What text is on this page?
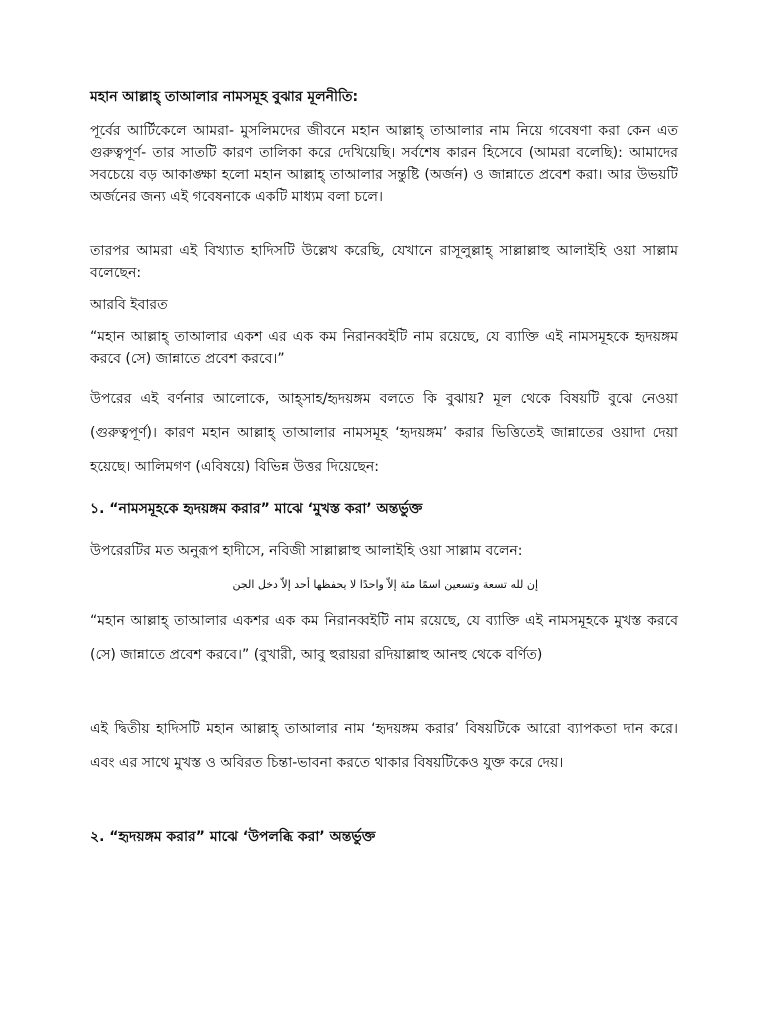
মহান আল্লাহ্‌ তাআলার নামসমূহ বুঝার মূলনীতি:

পূর্বের আর্টিকেলে আমরা- মুসলিমদের জীবনে মহান আল্লাহ্‌ তাআলার নাম নিয়ে গবেষণা করা কেন এত গুরুত্বপূর্ণ- তার সাতটি কারণ তালিকা করে দেখিয়েছি। সর্বশেষ কারন হিসেবে (আমরা বলেছি): আমাদের সবচেয়ে বড় আকাঙ্ক্ষা হলো মহান আল্লাহ্‌ তাআলার সন্তুষ্টি (অর্জন) ও জান্নাতে প্রবেশ করা। আর উভয়টি অর্জনের জন্য এই গবেষনাকে একটি মাধ্যম বলা চলে।

তারপর আমরা এই বিখ্যাত হাদিসটি উল্লেখ করেছি, যেখানে রাসূলুল্লাহ্‌ সাল্লাল্লাহু আলাইহি ওয়া সাল্লাম বলেছেন:

আরবি ইবারত

“মহান আল্লাহ্‌ তাআলার একশ এর এক কম নিরানব্বইটি নাম রয়েছে, যে ব্যাক্তি এই নামসমূহকে হৃদয়ঙ্গম করবে (সে) জান্নাতে প্রবেশ করবে।”

উপরের এই বর্ণনার আলোকে, আহ্‌সাহ/হৃদয়ঙ্গম বলতে কি বুঝায়? মূল থেকে বিষয়টি বুঝে নেওয়া (গুরুত্বপূর্ণ)। কারণ মহান আল্লাহ্‌ তাআলার নামসমূহ ‘হৃদয়ঙ্গম’ করার ভিত্তিতেই জান্নাতের ওয়াদা দেয়া হয়েছে। আলিমগণ (এবিষয়ে) বিভিন্ন উত্তর দিয়েছেন:

১. “নামসমূহকে হৃদয়ঙ্গম করার” মাঝে ‘মুখস্ত করা’ অন্তর্ভুক্ত

উপরেরটির মত অনুরূপ হাদীসে, নবিজী সাল্লাল্লাহু আলাইহি ওয়া সাল্লাম বলেন:

إن لله تسعة وتسعين اسمًا مئة إلاّ واحدًا لا يحفظها أحد إلاّ دخل الجن

“মহান আল্লাহ্‌ তাআলার একশর এক কম নিরানব্বইটি নাম রয়েছে, যে ব্যাক্তি এই নামসমূহকে মুখস্ত করবে (সে) জান্নাতে প্রবেশ করবে।” (বুখারী, আবু হুরায়রা রদিয়াল্লাহু আনহু থেকে বর্ণিত)

এই দ্বিতীয় হাদিসটি মহান আল্লাহ্‌ তাআলার নাম ‘হৃদয়ঙ্গম করার’ বিষয়টিকে আরো ব্যাপকতা দান করে। এবং এর সাথে মুখস্ত ও অবিরত চিন্তা-ভাবনা করতে থাকার বিষয়টিকেও যুক্ত করে দেয়।

২. “হৃদয়ঙ্গম করার” মাঝে ‘উপলব্ধি করা’ অন্তর্ভুক্ত
